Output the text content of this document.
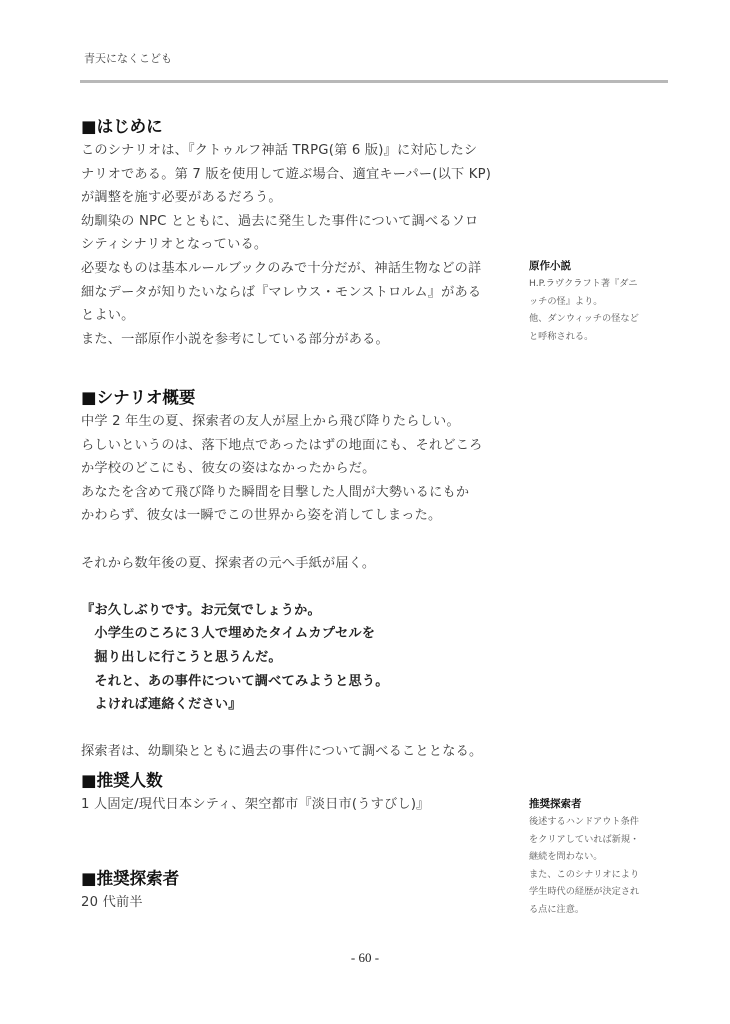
青天になくこども
■はじめに
このシナリオは、『クトゥルフ神話 TRPG(第 6 版)』に対応したシ
ナリオである。第 7 版を使用して遊ぶ場合、適宜キーパー(以下 KP)
が調整を施す必要があるだろう。
幼馴染の NPC とともに、過去に発生した事件について調べるソロ
シティシナリオとなっている。
必要なものは基本ルールブックのみで十分だが、神話生物などの詳
細なデータが知りたいならば『マレウス・モンストロルム』がある
とよい。
また、一部原作小説を参考にしている部分がある。
■シナリオ概要
中学 2 年生の夏、探索者の友人が屋上から飛び降りたらしい。
らしいというのは、落下地点であったはずの地面にも、それどころ
か学校のどこにも、彼女の姿はなかったからだ。
あなたを含めて飛び降りた瞬間を目撃した人間が大勢いるにもか
かわらず、彼女は一瞬でこの世界から姿を消してしまった。
それから数年後の夏、探索者の元へ手紙が届く。
『お久しぶりです。お元気でしょうか。
　小学生のころに３人で埋めたタイムカプセルを
　掘り出しに行こうと思うんだ。
　それと、あの事件について調べてみようと思う。
　よければ連絡ください』
探索者は、幼馴染とともに過去の事件について調べることとなる。
■推奨人数
1 人固定/現代日本シティ、架空都市『淡日市(うすびし)』
■推奨探索者
20 代前半
原作小説
H.P.ラヴクラフト著『ダニ
ッチの怪』より。
他、ダンウィッチの怪など
と呼称される。
推奨探索者
後述するハンドアウト条件
をクリアしていれば新規・
継続を問わない。
また、このシナリオにより
学生時代の経歴が決定され
る点に注意。
- 60 -
